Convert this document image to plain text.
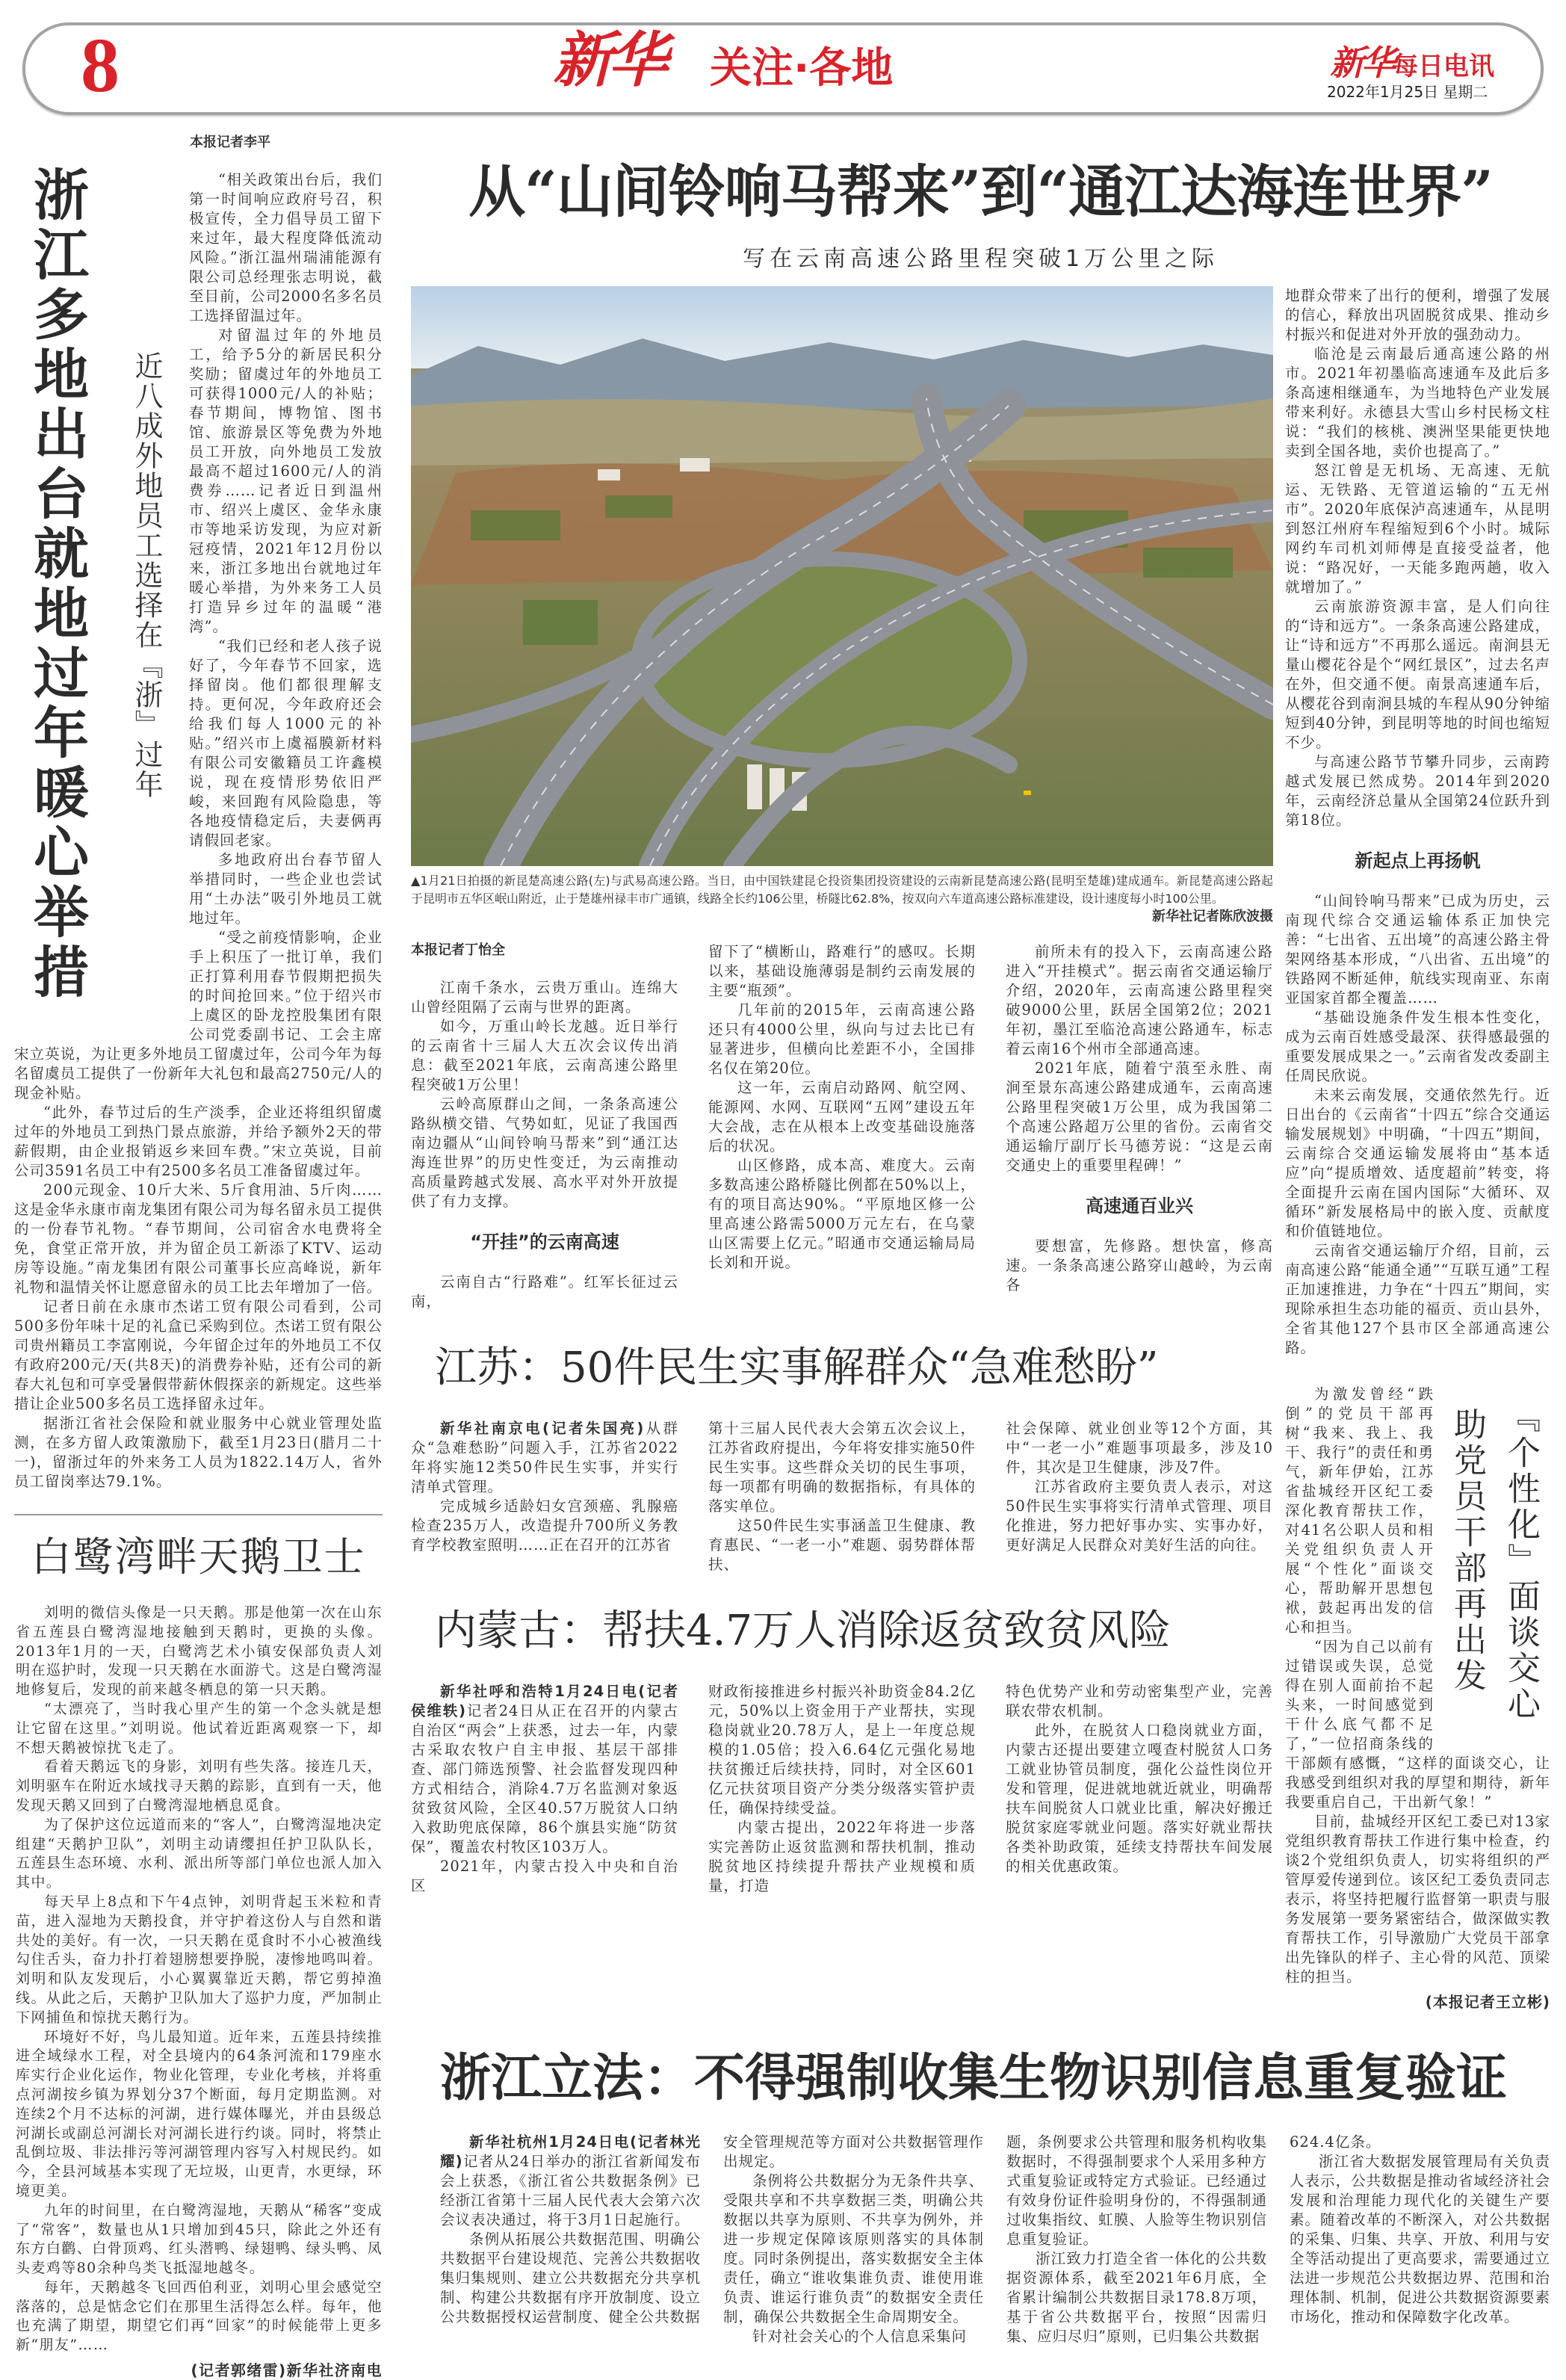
8	新华 关注·各地	新华每日电讯
2022年1月25日 星期二
本报记者李平
浙江多地出台就地过年暖心举措 近八成外地员工选择在『浙』过年

“相关政策出台后，我们第一时间响应政府号召，积极宣传，全力倡导员工留下来过年，最大程度降低流动风险。”浙江温州瑞浦能源有限公司总经理张志明说，截至目前，公司2000名多名员工选择留温过年。

对留温过年的外地员工，给予5分的新居民积分奖励；留虞过年的外地员工可获得1000元/人的补贴；春节期间，博物馆、图书馆、旅游景区等免费为外地员工开放，向外地员工发放最高不超过1600元/人的消费券……记者近日到温州市、绍兴上虞区、金华永康市等地采访发现，为应对新冠疫情，2021年12月份以来，浙江多地出台就地过年暖心举措，为外来务工人员打造异乡过年的温暖“港湾”。

“我们已经和老人孩子说好了，今年春节不回家，选择留岗。他们都很理解支持。更何况，今年政府还会给我们每人1000元的补贴。”绍兴市上虞福膜新材料有限公司安徽籍员工许鑫模说，现在疫情形势依旧严峻，来回跑有风险隐患，等各地疫情稳定后，夫妻俩再请假回老家。

多地政府出台春节留人举措同时，一些企业也尝试用“土办法”吸引外地员工就地过年。

“受之前疫情影响，企业手上积压了一批订单，我们正打算利用春节假期把损失的时间抢回来。”位于绍兴市上虞区的卧龙控股集团有限公司党委副书记、工会主席宋立英说，为让更多外地员工留虞过年，公司今年为每名留虞员工提供了一份新年大礼包和最高2750元/人的现金补贴。

“此外，春节过后的生产淡季，企业还将组织留虞过年的外地员工到热门景点旅游，并给予额外2天的带薪假期，由企业报销返乡来回车费。”宋立英说，目前公司3591名员工中有2500多名员工准备留虞过年。

200元现金、10斤大米、5斤食用油、5斤肉……这是金华永康市南龙集团有限公司为每名留永员工提供的一份春节礼物。“春节期间，公司宿舍水电费将全免，食堂正常开放，并为留企员工新添了KTV、运动房等设施。”南龙集团有限公司董事长应高峰说，新年礼物和温情关怀让愿意留永的员工比去年增加了一倍。

记者日前在永康市杰诺工贸有限公司看到，公司500多份年味十足的礼盒已采购到位。杰诺工贸有限公司贵州籍员工李富刚说，今年留企过年的外地员工不仅有政府200元/天(共8天)的消费券补贴，还有公司的新春大礼包和可享受暑假带薪休假探亲的新规定。这些举措让企业500多名员工选择留永过年。

据浙江省社会保险和就业服务中心就业管理处监测，在多方留人政策激励下，截至1月23日(腊月二十一)，留浙过年的外来务工人员为1822.14万人，省外员工留岗率达79.1%。

白鹭湾畔天鹅卫士

刘明的微信头像是一只天鹅。那是他第一次在山东省五莲县白鹭湾湿地接触到天鹅时，更换的头像。2013年1月的一天，白鹭湾艺术小镇安保部负责人刘明在巡护时，发现一只天鹅在水面游弋。这是白鹭湾湿地修复后，发现的前来越冬栖息的第一只天鹅。

“太漂亮了，当时我心里产生的第一个念头就是想让它留在这里。”刘明说。他试着近距离观察一下，却不想天鹅被惊扰飞走了。

看着天鹅远飞的身影，刘明有些失落。接连几天，刘明驱车在附近水域找寻天鹅的踪影，直到有一天，他发现天鹅又回到了白鹭湾湿地栖息觅食。

为了保护这位远道而来的“客人”，白鹭湾湿地决定组建“天鹅护卫队”，刘明主动请缨担任护卫队队长，五莲县生态环境、水利、派出所等部门单位也派人加入其中。

每天早上8点和下午4点钟，刘明背起玉米粒和青苗，进入湿地为天鹅投食，并守护着这份人与自然和谐共处的美好。有一次，一只天鹅在觅食时不小心被渔线勾住舌头，奋力扑打着翅膀想要挣脱，凄惨地鸣叫着。刘明和队友发现后，小心翼翼靠近天鹅，帮它剪掉渔线。从此之后，天鹅护卫队加大了巡护力度，严加制止下网捕鱼和惊扰天鹅行为。

环境好不好，鸟儿最知道。近年来，五莲县持续推进全域绿水工程，对全县境内的64条河流和179座水库实行企业化运作，物业化管理，专业化考核，并将重点河湖按乡镇为界划分37个断面，每月定期监测。对连续2个月不达标的河湖，进行媒体曝光，并由县级总河湖长或副总河湖长对河湖长进行约谈。同时，将禁止乱倒垃圾、非法排污等河湖管理内容写入村规民约。如今，全县河域基本实现了无垃圾，山更青，水更绿，环境更美。

九年的时间里，在白鹭湾湿地，天鹅从“稀客”变成了“常客”，数量也从1只增加到45只，除此之外还有东方白鹳、白骨顶鸡、红头潜鸭、绿翅鸭、绿头鸭、凤头麦鸡等80余种鸟类飞抵湿地越冬。

每年，天鹅越冬飞回西伯利亚，刘明心里会感觉空落落的，总是惦念它们在那里生活得怎么样。每年，他也充满了期望，期望它们再“回家”的时候能带上更多新“朋友”……

(记者郭绪雷)新华社济南电

从“山间铃响马帮来”到“通江达海连世界”
写在云南高速公路里程突破1万公里之际
▲1月21日拍摄的新昆楚高速公路(左)与武易高速公路。当日，由中国铁建昆仑投资集团投资建设的云南新昆楚高速公路(昆明至楚雄)建成通车。新昆楚高速公路起于昆明市五华区岷山附近，止于楚雄州禄丰市广通镇，线路全长约106公里，桥隧比62.8%，按双向六车道高速公路标准建设，设计速度每小时100公里。
新华社记者陈欣波摄
本报记者丁怡全

江南千条水，云贵万重山。连绵大山曾经阻隔了云南与世界的距离。

如今，万重山岭长龙越。近日举行的云南省十三届人大五次会议传出消息：截至2021年底，云南高速公路里程突破1万公里！

云岭高原群山之间，一条条高速公路纵横交错、气势如虹，见证了我国西南边疆从“山间铃响马帮来”到“通江达海连世界”的历史性变迁，为云南推动高质量跨越式发展、高水平对外开放提供了有力支撑。

“开挂”的云南高速

云南自古“行路难”。红军长征过云南，

留下了“横断山，路难行”的感叹。长期以来，基础设施薄弱是制约云南发展的主要“瓶颈”。

几年前的2015年，云南高速公路还只有4000公里，纵向与过去比已有显著进步，但横向比差距不小，全国排名仅在第20位。

这一年，云南启动路网、航空网、能源网、水网、互联网“五网”建设五年大会战，志在从根本上改变基础设施落后的状况。

山区修路，成本高、难度大。云南多数高速公路桥隧比例都在50%以上，有的项目高达90%。“平原地区修一公里高速公路需5000万元左右，在乌蒙山区需要上亿元。”昭通市交通运输局局长刘和开说。

前所未有的投入下，云南高速公路进入“开挂模式”。据云南省交通运输厅介绍，2020年，云南高速公路里程突破9000公里，跃居全国第2位；2021年初，墨江至临沧高速公路通车，标志着云南16个州市全部通高速。

2021年底，随着宁蒗至永胜、南涧至景东高速公路建成通车，云南高速公路里程突破1万公里，成为我国第二个高速公路超万公里的省份。云南省交通运输厅副厅长马德芳说：“这是云南交通史上的重要里程碑！”

高速通百业兴

要想富，先修路。想快富，修高速。一条条高速公路穿山越岭，为云南各

江苏：50件民生实事解群众“急难愁盼”

新华社南京电(记者朱国亮)从群众“急难愁盼”问题入手，江苏省2022年将实施12类50件民生实事，并实行清单式管理。

完成城乡适龄妇女宫颈癌、乳腺癌检查235万人，改造提升700所义务教育学校教室照明……正在召开的江苏省

第十三届人民代表大会第五次会议上，江苏省政府提出，今年将安排实施50件民生实事。这些群众关切的民生事项，每一项都有明确的数据指标，有具体的落实单位。

这50件民生实事涵盖卫生健康、教育惠民、“一老一小”难题、弱势群体帮扶、

社会保障、就业创业等12个方面，其中“一老一小”难题事项最多，涉及10件，其次是卫生健康，涉及7件。

江苏省政府主要负责人表示，对这50件民生实事将实行清单式管理、项目化推进，努力把好事办实、实事办好，更好满足人民群众对美好生活的向往。

内蒙古：帮扶4.7万人消除返贫致贫风险

新华社呼和浩特1月24日电(记者侯维轶)记者24日从正在召开的内蒙古自治区“两会”上获悉，过去一年，内蒙古采取农牧户自主申报、基层干部排查、部门筛选预警、社会监督发现四种方式相结合，消除4.7万名监测对象返贫致贫风险，全区40.57万脱贫人口纳入救助兜底保障，86个旗县实施“防贫保”，覆盖农村牧区103万人。

2021年，内蒙古投入中央和自治区

财政衔接推进乡村振兴补助资金84.2亿元，50%以上资金用于产业帮扶，实现稳岗就业20.78万人，是上一年度总规模的1.05倍；投入6.64亿元强化易地扶贫搬迁后续扶持，同时，对全区601亿元扶贫项目资产分类分级落实管护责任，确保持续受益。

内蒙古提出，2022年将进一步落实完善防止返贫监测和帮扶机制，推动脱贫地区持续提升帮扶产业规模和质量，打造

特色优势产业和劳动密集型产业，完善联农带农机制。

此外，在脱贫人口稳岗就业方面，内蒙古还提出要建立嘎查村脱贫人口务工就业协管员制度，强化公益性岗位开发和管理，促进就地就近就业，明确帮扶车间脱贫人口就业比重，解决好搬迁脱贫家庭零就业问题。落实好就业帮扶各类补助政策，延续支持帮扶车间发展的相关优惠政策。

地群众带来了出行的便利，增强了发展的信心，释放出巩固脱贫成果、推动乡村振兴和促进对外开放的强劲动力。

临沧是云南最后通高速公路的州市。2021年初墨临高速通车及此后多条高速相继通车，为当地特色产业发展带来利好。永德县大雪山乡村民杨文柱说：“我们的核桃、澳洲坚果能更快地卖到全国各地，卖价也提高了。”

怒江曾是无机场、无高速、无航运、无铁路、无管道运输的“五无州市”。2020年底保泸高速通车，从昆明到怒江州府车程缩短到6个小时。城际网约车司机刘师傅是直接受益者，他说：“路况好，一天能多跑两趟，收入就增加了。”

云南旅游资源丰富，是人们向往的“诗和远方”。一条条高速公路建成，让“诗和远方”不再那么遥远。南涧县无量山樱花谷是个“网红景区”，过去名声在外，但交通不便。南景高速通车后，从樱花谷到南涧县城的车程从90分钟缩短到40分钟，到昆明等地的时间也缩短不少。

与高速公路节节攀升同步，云南跨越式发展已然成势。2014年到2020年，云南经济总量从全国第24位跃升到第18位。

新起点上再扬帆

“山间铃响马帮来”已成为历史，云南现代综合交通运输体系正加快完善：“七出省、五出境”的高速公路主骨架网络基本形成，“八出省、五出境”的铁路网不断延伸，航线实现南亚、东南亚国家首都全覆盖……

“基础设施条件发生根本性变化，成为云南百姓感受最深、获得感最强的重要发展成果之一。”云南省发改委副主任周民欣说。

未来云南发展，交通依然先行。近日出台的《云南省“十四五”综合交通运输发展规划》中明确，“十四五”期间，云南综合交通运输发展将由“基本适应”向“提质增效、适度超前”转变，将全面提升云南在国内国际“大循环、双循环”新发展格局中的嵌入度、贡献度和价值链地位。

云南省交通运输厅介绍，目前，云南高速公路“能通全通”“互联互通”工程正加速推进，力争在“十四五”期间，实现除承担生态功能的福贡、贡山县外，全省其他127个县市区全部通高速公路。

『个性化』面谈交心
助党员干部再出发

为激发曾经“跌倒”的党员干部再树“我来、我上、我干、我行”的责任和勇气，新年伊始，江苏省盐城经开区纪工委深化教育帮扶工作，对41名公职人员和相关党组织负责人开展“个性化”面谈交心，帮助解开思想包袱，鼓起再出发的信心和担当。

“因为自己以前有过错误或失误，总觉得在别人面前抬不起头来，一时间感觉到干什么底气都不足了，”一位招商条线的干部颇有感慨，“这样的面谈交心，让我感受到组织对我的厚望和期待，新年我要重启自己，干出新气象！”

目前，盐城经开区纪工委已对13家党组织教育帮扶工作进行集中检查，约谈2个党组织负责人，切实将组织的严管厚爱传递到位。该区纪工委负责同志表示，将坚持把履行监督第一职责与服务发展第一要务紧密结合，做深做实教育帮扶工作，引导激励广大党员干部拿出先锋队的样子、主心骨的风范、顶梁柱的担当。

(本报记者王立彬)

浙江立法：不得强制收集生物识别信息重复验证

新华社杭州1月24日电(记者林光耀)记者从24日举办的浙江省新闻发布会上获悉，《浙江省公共数据条例》已经浙江省第十三届人民代表大会第六次会议表决通过，将于3月1日起施行。

条例从拓展公共数据范围、明确公共数据平台建设规范、完善公共数据收集归集规则、建立公共数据充分共享机制、构建公共数据有序开放制度、设立公共数据授权运营制度、健全公共数据

安全管理规范等方面对公共数据管理作出规定。

条例将公共数据分为无条件共享、受限共享和不共享数据三类，明确公共数据以共享为原则、不共享为例外，并进一步规定保障该原则落实的具体制度。同时条例提出，落实数据安全主体责任，确立“谁收集谁负责、谁使用谁负责、谁运行谁负责”的数据安全责任制，确保公共数据全生命周期安全。

针对社会关心的个人信息采集问

题，条例要求公共管理和服务机构收集数据时，不得强制要求个人采用多种方式重复验证或特定方式验证。已经通过有效身份证件验明身份的，不得强制通过收集指纹、虹膜、人脸等生物识别信息重复验证。

浙江致力打造全省一体化的公共数据资源体系，截至2021年6月底，全省累计编制公共数据目录178.8万项，基于省公共数据平台，按照“因需归集、应归尽归”原则，已归集公共数据

624.4亿条。

浙江省大数据发展管理局有关负责人表示，公共数据是推动省域经济社会发展和治理能力现代化的关键生产要素。随着改革的不断深入，对公共数据的采集、归集、共享、开放、利用与安全等活动提出了更高要求，需要通过立法进一步规范公共数据边界、范围和治理体制、机制，促进公共数据资源要素市场化，推动和保障数字化改革。
